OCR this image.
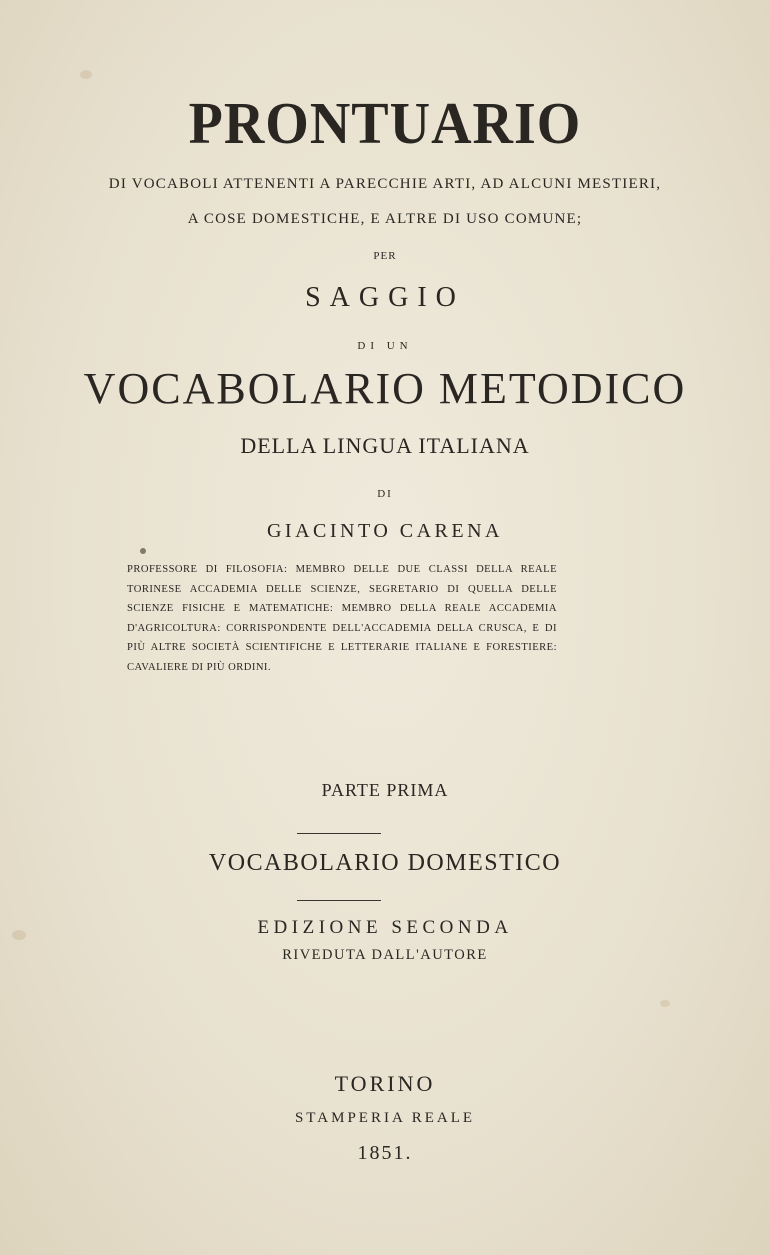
PRONTUARIO
DI VOCABOLI ATTENENTI A PARECCHIE ARTI, AD ALCUNI MESTIERI,
A COSE DOMESTICHE, E ALTRE DI USO COMUNE;
PER
SAGGIO
DI UN
VOCABOLARIO METODICO
DELLA LINGUA ITALIANA
DI
GIACINTO CARENA
PROFESSORE DI FILOSOFIA: MEMBRO DELLE DUE CLASSI DELLA REALE TORINESE ACCADEMIA DELLE SCIENZE, SEGRETARIO DI QUELLA DELLE SCIENZE FISICHE E MATEMATICHE: MEMBRO DELLA REALE ACCADEMIA D'AGRICOLTURA: CORRISPONDENTE DELL'ACCADEMIA DELLA CRUSCA, E DI PIÙ ALTRE SOCIETÀ SCIENTIFICHE E LETTERARIE ITALIANE E FORESTIERE: CAVALIERE DI PIÙ ORDINI.
PARTE PRIMA
VOCABOLARIO DOMESTICO
EDIZIONE SECONDA
RIVEDUTA DALL'AUTORE
TORINO
STAMPERIA REALE
1851.
